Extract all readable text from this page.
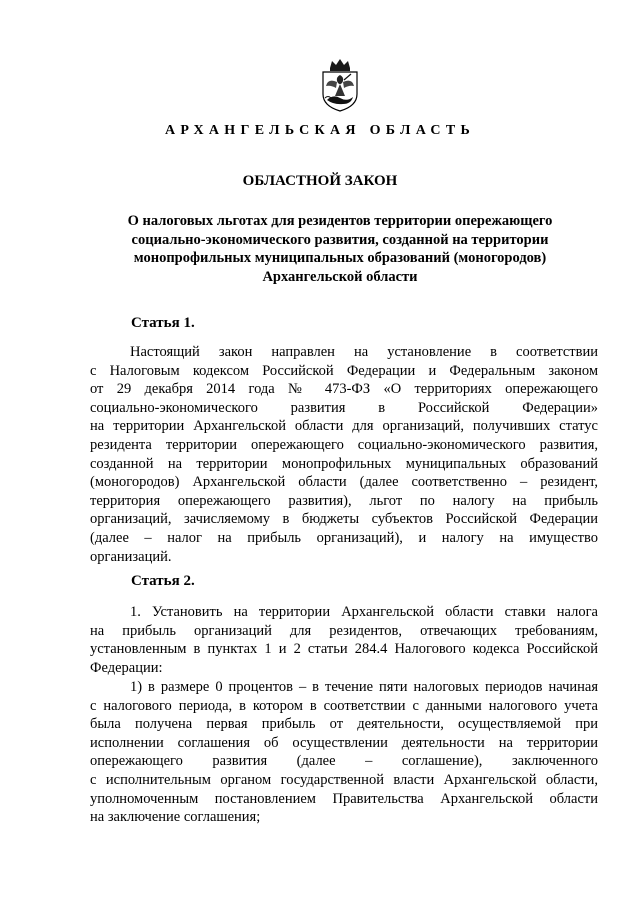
АРХАНГЕЛЬСКАЯ ОБЛАСТЬ
ОБЛАСТНОЙ ЗАКОН
О налоговых льготах для резидентов территории опережающего
социально-экономического развития, созданной на территории
монопрофильных муниципальных образований (моногородов)
Архангельской области
Статья 1.
Настоящий закон направлен на установление в соответствии
с Налоговым кодексом Российской Федерации и Федеральным законом
от 29 декабря 2014 года № 473-ФЗ «О территориях опережающего
социально-экономического развития в Российской Федерации»
на территории Архангельской области для организаций, получивших статус
резидента территории опережающего социально-экономического развития,
созданной на территории монопрофильных муниципальных образований
(моногородов) Архангельской области (далее соответственно – резидент,
территория опережающего развития), льгот по налогу на прибыль
организаций, зачисляемому в бюджеты субъектов Российской Федерации
(далее – налог на прибыль организаций), и налогу на имущество
организаций.
Статья 2.
1. Установить на территории Архангельской области ставки налога
на прибыль организаций для резидентов, отвечающих требованиям,
установленным в пунктах 1 и 2 статьи 284.4 Налогового кодекса Российской
Федерации:
1) в размере 0 процентов – в течение пяти налоговых периодов начиная
с налогового периода, в котором в соответствии с данными налогового учета
была получена первая прибыль от деятельности, осуществляемой при
исполнении соглашения об осуществлении деятельности на территории
опережающего развития (далее – соглашение), заключенного
с исполнительным органом государственной власти Архангельской области,
уполномоченным постановлением Правительства Архангельской области
на заключение соглашения;
